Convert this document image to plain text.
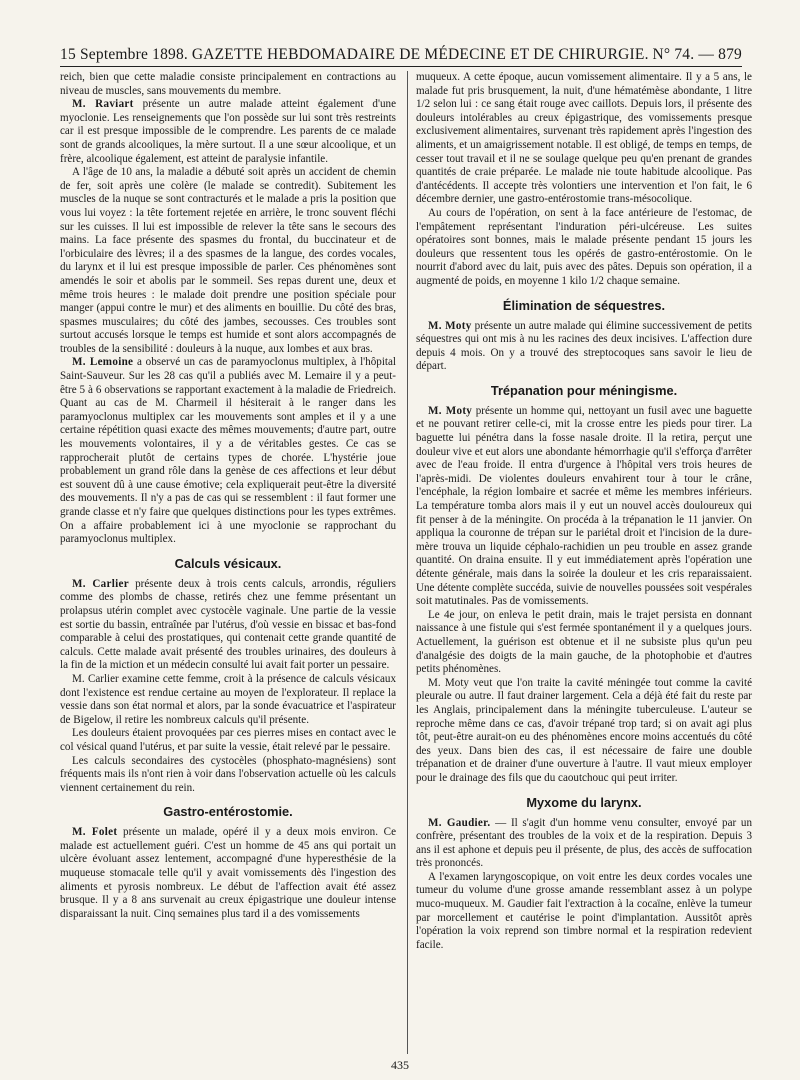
15 Septembre 1898. GAZETTE HEBDOMADAIRE DE MÉDECINE ET DE CHIRURGIE. N° 74. — 879

reich, bien que cette maladie consiste principalement en contractions au niveau de muscles, sans mouvements du membre.

M. Raviart présente un autre malade atteint également d'une myoclonie. Les renseignements que l'on possède sur lui sont très restreints car il est presque impossible de le comprendre. Les parents de ce malade sont de grands alcooliques, la mère surtout. Il a une sœur alcoolique, et un frère, alcoolique également, est atteint de paralysie infantile.

A l'âge de 10 ans, la maladie a débuté soit après un accident de chemin de fer, soit après une colère (le malade se contredit). Subitement les muscles de la nuque se sont contracturés et le malade a pris la position que vous lui voyez : la tête fortement rejetée en arrière, le tronc souvent fléchi sur les cuisses. Il lui est impossible de relever la tête sans le secours des mains. La face présente des spasmes du frontal, du buccinateur et de l'orbiculaire des lèvres; il a des spasmes de la langue, des cordes vocales, du larynx et il lui est presque impossible de parler. Ces phénomènes sont amendés le soir et abolis par le sommeil. Ses repas durent une, deux et même trois heures : le malade doit prendre une position spéciale pour manger (appui contre le mur) et des aliments en bouillie. Du côté des bras, spasmes musculaires; du côté des jambes, secousses. Ces troubles sont surtout accusés lorsque le temps est humide et sont alors accompagnés de troubles de la sensibilité : douleurs à la nuque, aux lombes et aux bras.

M. Lemoine a observé un cas de paramyoclonus multiplex, à l'hôpital Saint-Sauveur. Sur les 28 cas qu'il a publiés avec M. Lemaire il y a peut-être 5 à 6 observations se rapportant exactement à la maladie de Friedreich. Quant au cas de M. Charmeil il hésiterait à le ranger dans les paramyoclonus multiplex car les mouvements sont amples et il y a une certaine répétition quasi exacte des mêmes mouvements; d'autre part, outre les mouvements volontaires, il y a de véritables gestes. Ce cas se rapprocherait plutôt de certains types de chorée. L'hystérie joue probablement un grand rôle dans la genèse de ces affections et leur début est souvent dû à une cause émotive; cela expliquerait peut-être la diversité des mouvements. Il n'y a pas de cas qui se ressemblent : il faut former une grande classe et n'y faire que quelques distinctions pour les types extrêmes. On a affaire probablement ici à une myoclonie se rapprochant du paramyoclonus multiplex.

Calculs vésicaux.

M. Carlier présente deux à trois cents calculs, arrondis, réguliers comme des plombs de chasse, retirés chez une femme présentant un prolapsus utérin complet avec cystocèle vaginale. Une partie de la vessie est sortie du bassin, entraînée par l'utérus, d'où vessie en bissac et bas-fond comparable à celui des prostatiques, qui contenait cette grande quantité de calculs. Cette malade avait présenté des troubles urinaires, des douleurs à la fin de la miction et un médecin consulté lui avait fait porter un pessaire.

M. Carlier examine cette femme, croit à la présence de calculs vésicaux dont l'existence est rendue certaine au moyen de l'explorateur. Il replace la vessie dans son état normal et alors, par la sonde évacuatrice et l'aspirateur de Bigelow, il retire les nombreux calculs qu'il présente.

Les douleurs étaient provoquées par ces pierres mises en contact avec le col vésical quand l'utérus, et par suite la vessie, était relevé par le pessaire.

Les calculs secondaires des cystocèles (phosphato-magnésiens) sont fréquents mais ils n'ont rien à voir dans l'observation actuelle où les calculs viennent certainement du rein.

Gastro-entérostomie.

M. Folet présente un malade, opéré il y a deux mois environ. Ce malade est actuellement guéri. C'est un homme de 45 ans qui portait un ulcère évoluant assez lentement, accompagné d'une hyperesthésie de la muqueuse stomacale telle qu'il y avait vomissements dès l'ingestion des aliments et pyrosis nombreux. Le début de l'affection avait été assez brusque. Il y a 8 ans survenait au creux épigastrique une douleur intense disparaissant la nuit. Cinq semaines plus tard il a des vomissements

muqueux. A cette époque, aucun vomissement alimentaire. Il y a 5 ans, le malade fut pris brusquement, la nuit, d'une hématémèse abondante, 1 litre 1/2 selon lui : ce sang était rouge avec caillots. Depuis lors, il présente des douleurs intolérables au creux épigastrique, des vomissements presque exclusivement alimentaires, survenant très rapidement après l'ingestion des aliments, et un amaigrissement notable. Il est obligé, de temps en temps, de cesser tout travail et il ne se soulage quelque peu qu'en prenant de grandes quantités de craie préparée. Le malade nie toute habitude alcoolique. Pas d'antécédents. Il accepte très volontiers une intervention et l'on fait, le 6 décembre dernier, une gastro-entérostomie trans-mésocolique.

Au cours de l'opération, on sent à la face antérieure de l'estomac, de l'empâtement représentant l'induration péri-ulcéreuse. Les suites opératoires sont bonnes, mais le malade présente pendant 15 jours les douleurs que ressentent tous les opérés de gastro-entérostomie. On le nourrit d'abord avec du lait, puis avec des pâtes. Depuis son opération, il a augmenté de poids, en moyenne 1 kilo 1/2 chaque semaine.

Élimination de séquestres.

M. Moty présente un autre malade qui élimine successivement de petits séquestres qui ont mis à nu les racines des deux incisives. L'affection dure depuis 4 mois. On y a trouvé des streptocoques sans savoir le lieu de départ.

Trépanation pour méningisme.

M. Moty présente un homme qui, nettoyant un fusil avec une baguette et ne pouvant retirer celle-ci, mit la crosse entre les pieds pour tirer. La baguette lui pénétra dans la fosse nasale droite. Il la retira, perçut une douleur vive et eut alors une abondante hémorrhagie qu'il s'efforça d'arrêter avec de l'eau froide. Il entra d'urgence à l'hôpital vers trois heures de l'après-midi. De violentes douleurs envahirent tour à tour le crâne, l'encéphale, la région lombaire et sacrée et même les membres inférieurs. La température tomba alors mais il y eut un nouvel accès douloureux qui fit penser à de la méningite. On procéda à la trépanation le 11 janvier. On appliqua la couronne de trépan sur le pariétal droit et l'incision de la dure-mère trouva un liquide céphalo-rachidien un peu trouble en assez grande quantité. On draina ensuite. Il y eut immédiatement après l'opération une détente générale, mais dans la soirée la douleur et les cris reparaissaient. Une détente complète succéda, suivie de nouvelles poussées soit vespérales soit matutinales. Pas de vomissements.

Le 4e jour, on enleva le petit drain, mais le trajet persista en donnant naissance à une fistule qui s'est fermée spontanément il y a quelques jours. Actuellement, la guérison est obtenue et il ne subsiste plus qu'un peu d'analgésie des doigts de la main gauche, de la photophobie et d'autres petits phénomènes.

M. Moty veut que l'on traite la cavité méningée tout comme la cavité pleurale ou autre. Il faut drainer largement. Cela a déjà été fait du reste par les Anglais, principalement dans la méningite tuberculeuse. L'auteur se reproche même dans ce cas, d'avoir trépané trop tard; si on avait agi plus tôt, peut-être aurait-on eu des phénomènes encore moins accentués du côté des yeux. Dans bien des cas, il est nécessaire de faire une double trépanation et de drainer d'une ouverture à l'autre. Il vaut mieux employer pour le drainage des fils que du caoutchouc qui peut irriter.

Myxome du larynx.

M. Gaudier. — Il s'agit d'un homme venu consulter, envoyé par un confrère, présentant des troubles de la voix et de la respiration. Depuis 3 ans il est aphone et depuis peu il présente, de plus, des accès de suffocation très prononcés.

A l'examen laryngoscopique, on voit entre les deux cordes vocales une tumeur du volume d'une grosse amande ressemblant assez à un polype muco-muqueux. M. Gaudier fait l'extraction à la cocaïne, enlève la tumeur par morcellement et cautérise le point d'implantation. Aussitôt après l'opération la voix reprend son timbre normal et la respiration redevient facile.

435
